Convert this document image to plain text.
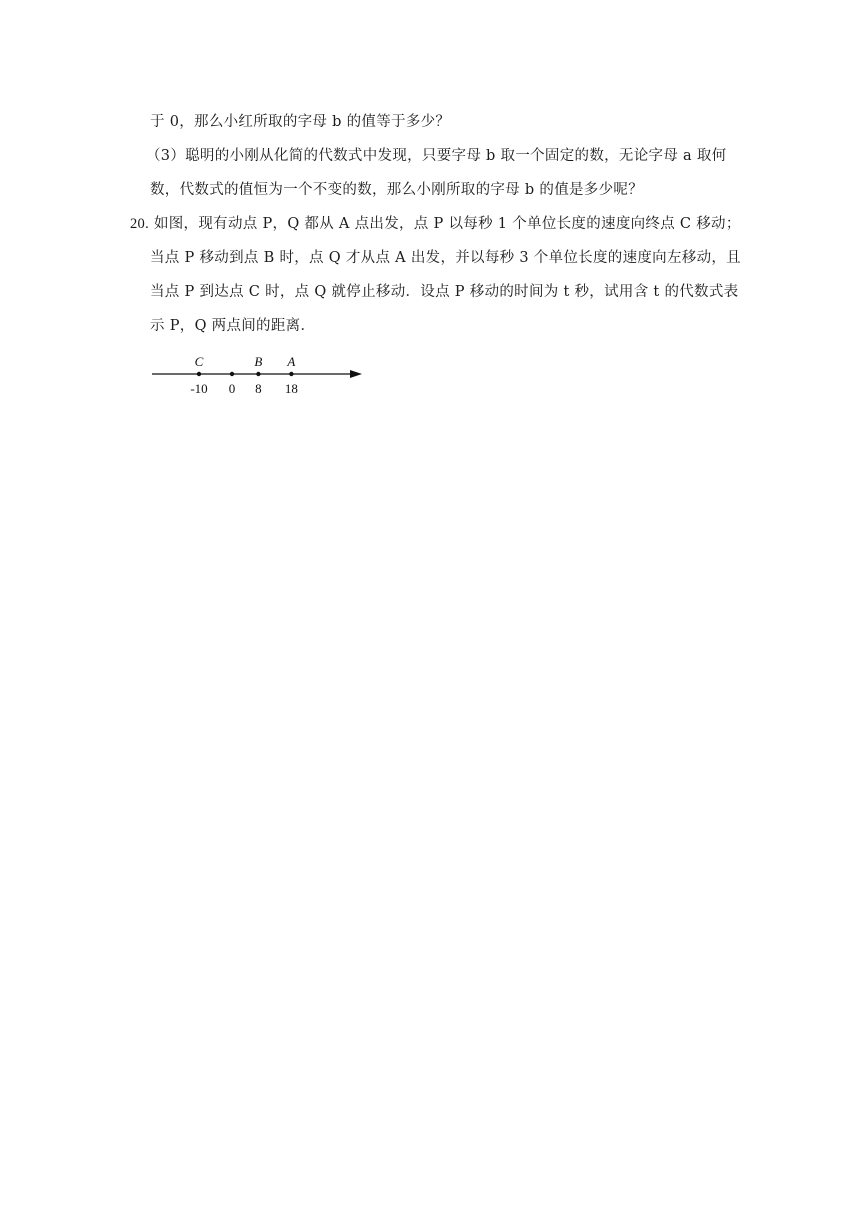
于 0，那么小红所取的字母 b 的值等于多少？
（3）聪明的小刚从化简的代数式中发现，只要字母 b 取一个固定的数，无论字母 a 取何
数，代数式的值恒为一个不变的数，那么小刚所取的字母 b 的值是多少呢？
20. 如图，现有动点 P，Q 都从 A 点出发，点 P 以每秒 1 个单位长度的速度向终点 C 移动；
当点 P 移动到点 B 时，点 Q 才从点 A 出发，并以每秒 3 个单位长度的速度向左移动，且
当点 P 到达点 C 时，点 Q 就停止移动．设点 P 移动的时间为 t 秒，试用含 t 的代数式表
示 P，Q 两点间的距离．
-10
C
0 8
B
18
A
